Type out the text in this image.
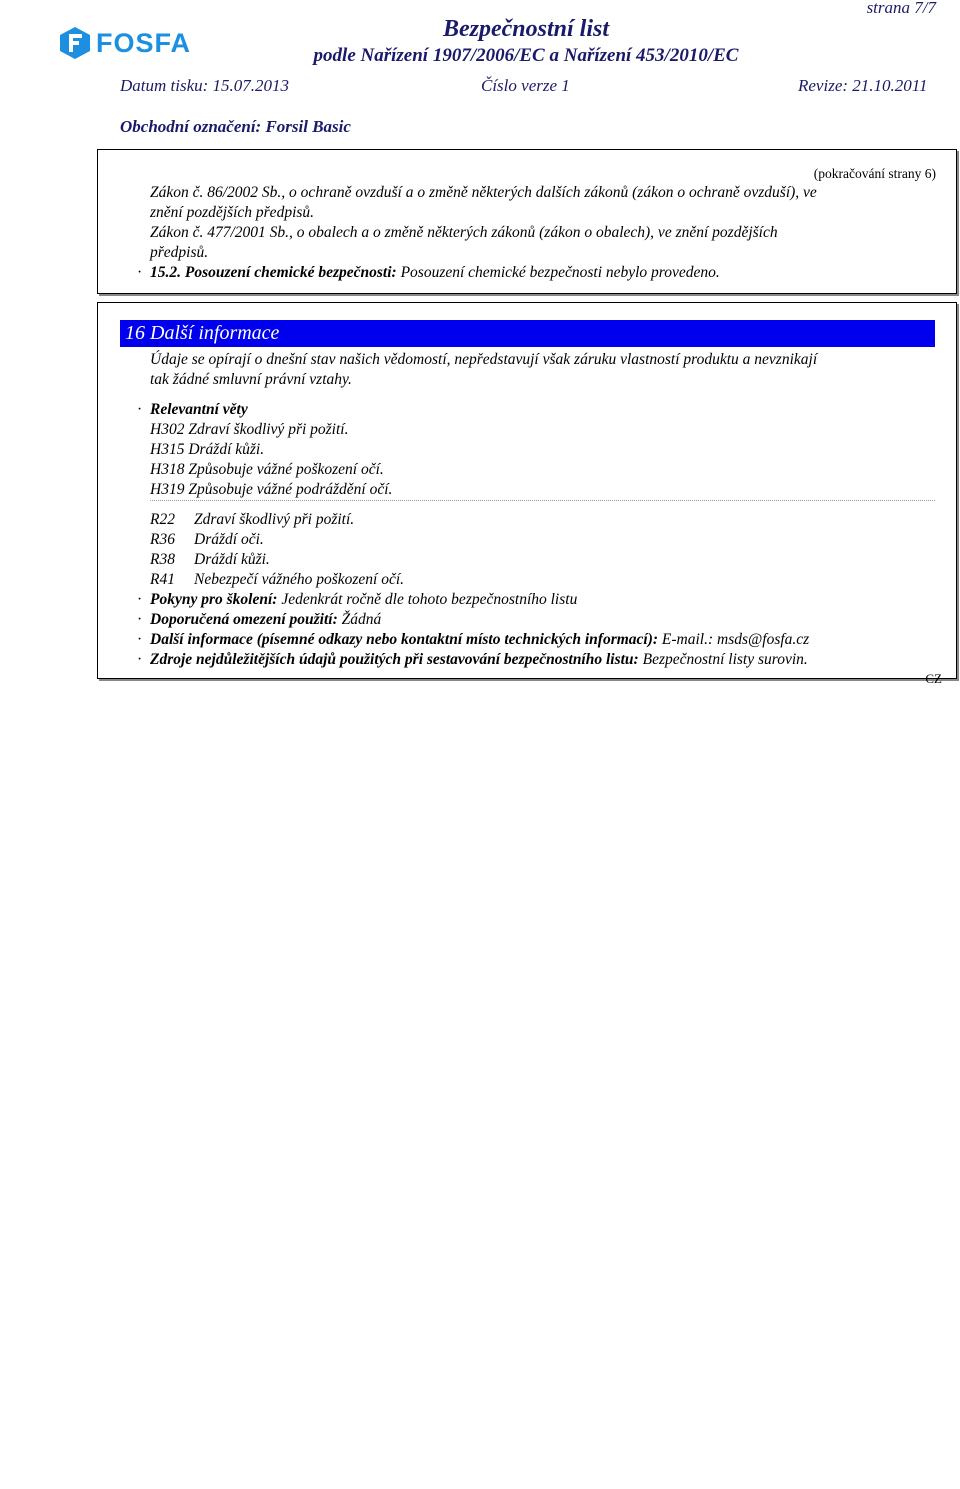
FOSFA	Bezpečnostní list
podle Nařízení 1907/2006/EC a Nařízení 453/2010/EC
strana 7/7
Datum tisku: 15.07.2013	Číslo verze 1	Revize: 21.10.2011
Obchodní označení: Forsil Basic
(pokračování strany 6)
Zákon č. 86/2002 Sb., o ochraně ovzduší a o změně některých dalších zákonů (zákon o ochraně ovzduší), ve
znění pozdějších předpisů.
Zákon č. 477/2001 Sb., o obalech a o změně některých zákonů (zákon o obalech), ve znění pozdějších
předpisů.
· 15.2. Posouzení chemické bezpečnosti: Posouzení chemické bezpečnosti nebylo provedeno.
16 Další informace
Údaje se opírají o dnešní stav našich vědomostí, nepředstavují však záruku vlastností produktu a nevznikají
tak žádné smluvní právní vztahy.
· Relevantní věty
H302 Zdraví škodlivý při požití.
H315 Dráždí kůži.
H318 Způsobuje vážné poškození očí.
H319 Způsobuje vážné podráždění očí.
R22 Zdraví škodlivý při požití.
R36 Dráždí oči.
R38 Dráždí kůži.
R41 Nebezpečí vážného poškození očí.
· Pokyny pro školení: Jedenkrát ročně dle tohoto bezpečnostního listu
· Doporučená omezení použití: Žádná
· Další informace (písemné odkazy nebo kontaktní místo technických informací): E-mail.: msds@fosfa.cz
· Zdroje nejdůležitějších údajů použitých při sestavování bezpečnostního listu: Bezpečnostní listy surovin.
CZ
